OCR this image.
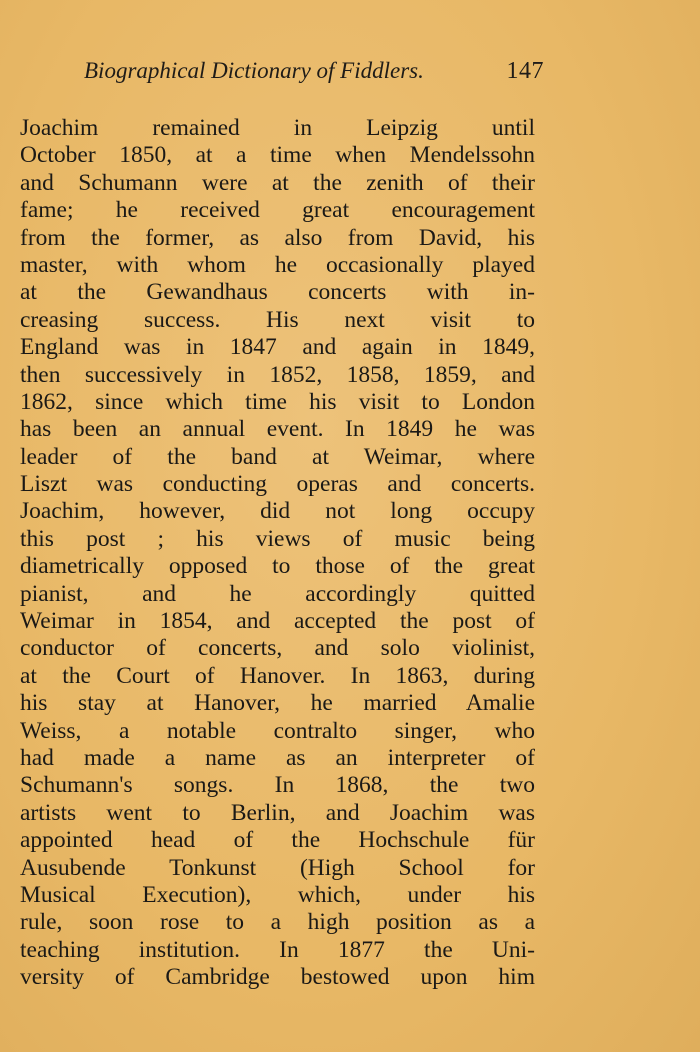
Biographical Dictionary of Fiddlers.	147
Joachim remained in Leipzig until
October 1850, at a time when Mendelssohn
and Schumann were at the zenith of their
fame; he received great encouragement
from the former, as also from David, his
master, with whom he occasionally played
at the Gewandhaus concerts with in-
creasing success. His next visit to
England was in 1847 and again in 1849,
then successively in 1852, 1858, 1859, and
1862, since which time his visit to London
has been an annual event. In 1849 he was
leader of the band at Weimar, where
Liszt was conducting operas and concerts.
Joachim, however, did not long occupy
this post ; his views of music being
diametrically opposed to those of the great
pianist, and he accordingly quitted
Weimar in 1854, and accepted the post of
conductor of concerts, and solo violinist,
at the Court of Hanover. In 1863, during
his stay at Hanover, he married Amalie
Weiss, a notable contralto singer, who
had made a name as an interpreter of
Schumann's songs. In 1868, the two
artists went to Berlin, and Joachim was
appointed head of the Hochschule für
Ausubende Tonkunst (High School for
Musical Execution), which, under his
rule, soon rose to a high position as a
teaching institution. In 1877 the Uni-
versity of Cambridge bestowed upon him
